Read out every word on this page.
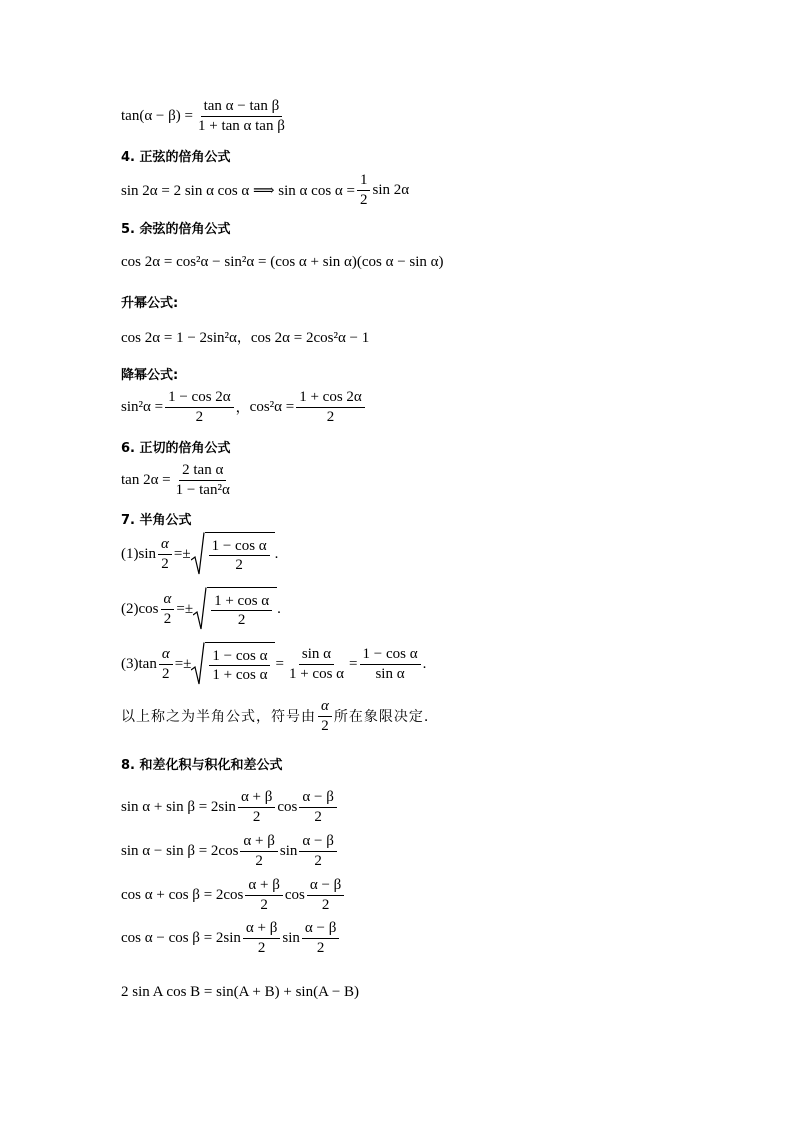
$\tan(\alpha - \beta) = \frac{\text{tan α − tan β}}{\text{1 + tan α tan β}}$
4. 正弦的倍角公式
sin 2α = 2 sin α cos α ⟹ sin α $\cos \alpha = \frac{1}{2}$ sin 2α
5. 余弦的倍角公式
cos 2α = cos²α − sin²α = (cos α + sin α)(cos α − sin α)
升幂公式:
cos 2α = 1 − 2sin²α，cos 2α = 2cos²α − 1
降幂公式:
$\sin^2\alpha = \frac{1 - \cos 2\alpha}{2}$ ， $\cos^2\alpha = \frac{1 + \cos 2\alpha}{2}$
6. 正切的倍角公式
$\tan 2\alpha = \frac{\text{2 tan α}}{\text{1 − tan²α}}$
7. 半角公式
$(1)\sin \frac{\alpha}{2} =\pm \frac{\text{1 − cos α}}{2}$ .
$(2)\cos \frac{\alpha}{2} =\pm \frac{\text{1 + cos α}}{2}$ .
$(3)\tan \frac{\alpha}{2} =\pm \frac{\text{1 − cos α}}{\text{1 + cos α}} = \frac{\text{sin α}}{\text{1 + cos α}} = \frac{\text{1 − cos α}}{\text{sin α}}$ .
以上称之为半角公式，符号由 $\frac{\alpha}{2}$ 所在象限决定.
8. 和差化积与积化和差公式
$\sin \alpha + \sin \beta = 2\sin \frac{\alpha + \beta}{2}$ $\cos \frac{\alpha - \beta}{2}$
$\sin \alpha - \sin \beta = 2\cos \frac{\alpha + \beta}{2}$ $\sin \frac{\alpha - \beta}{2}$
$\cos \alpha + \cos \beta = 2\cos \frac{\alpha + \beta}{2}$ $\cos \frac{\alpha - \beta}{2}$
$\cos \alpha - \cos \beta = 2\sin \frac{\alpha + \beta}{2}$ $\sin \frac{\alpha - \beta}{2}$
2 sin A cos B = sin(A + B) + sin(A − B)
